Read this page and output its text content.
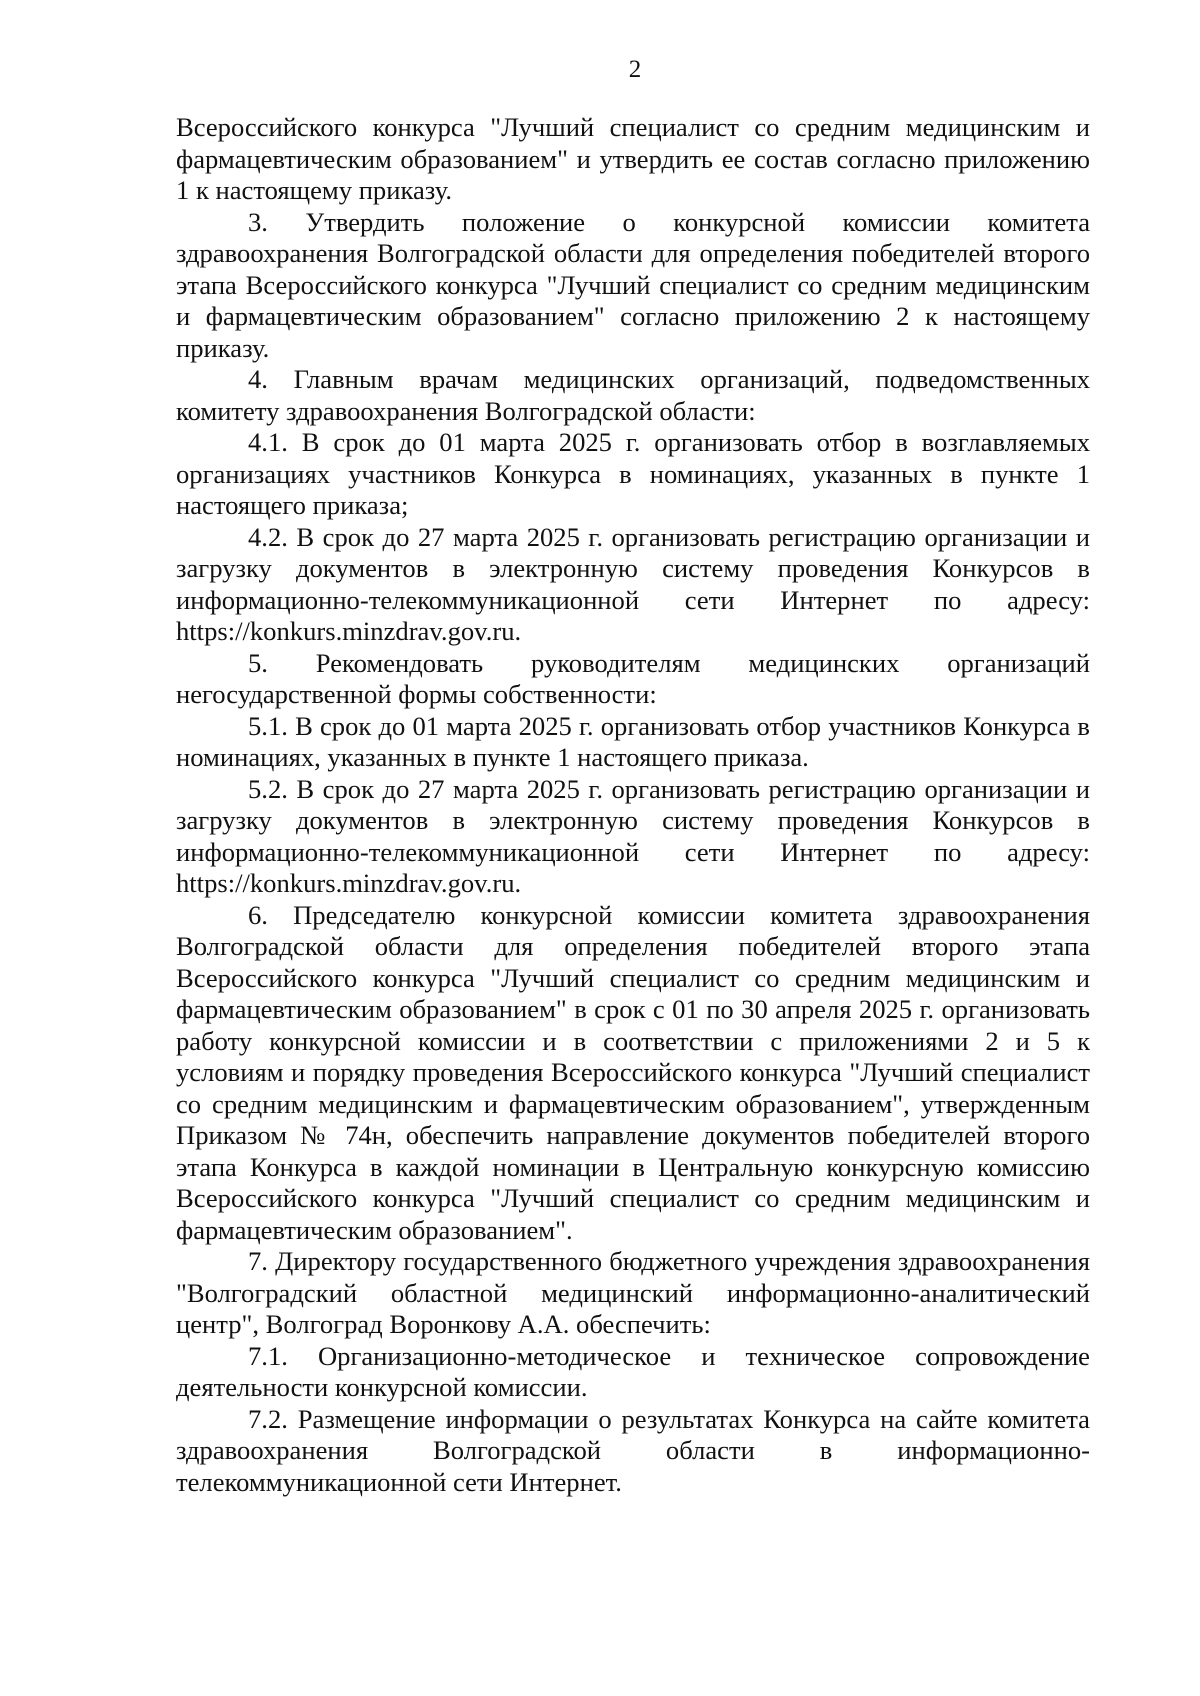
2

Всероссийского конкурса "Лучший специалист со средним медицинским и фармацевтическим образованием" и утвердить ее состав согласно приложению 1 к настоящему приказу.

3. Утвердить положение о конкурсной комиссии комитета здравоохранения Волгоградской области для определения победителей второго этапа Всероссийского конкурса "Лучший специалист со средним медицинским и фармацевтическим образованием" согласно приложению 2 к настоящему приказу.

4. Главным врачам медицинских организаций, подведомственных комитету здравоохранения Волгоградской области:

4.1. В срок до 01 марта 2025 г. организовать отбор в возглавляемых организациях участников Конкурса в номинациях, указанных в пункте 1 настоящего приказа;

4.2. В срок до 27 марта 2025 г. организовать регистрацию организации и загрузку документов в электронную систему проведения Конкурсов в информационно-телекоммуникационной сети Интернет по адресу: https://konkurs.minzdrav.gov.ru.

5. Рекомендовать руководителям медицинских организаций негосударственной формы собственности:

5.1. В срок до 01 марта 2025 г. организовать отбор участников Конкурса в номинациях, указанных в пункте 1 настоящего приказа.

5.2. В срок до 27 марта 2025 г. организовать регистрацию организации и загрузку документов в электронную систему проведения Конкурсов в информационно-телекоммуникационной сети Интернет по адресу: https://konkurs.minzdrav.gov.ru.

6. Председателю конкурсной комиссии комитета здравоохранения Волгоградской области для определения победителей второго этапа Всероссийского конкурса "Лучший специалист со средним медицинским и фармацевтическим образованием" в срок с 01 по 30 апреля 2025 г. организовать работу конкурсной комиссии и в соответствии с приложениями 2 и 5 к условиям и порядку проведения Всероссийского конкурса "Лучший специалист со средним медицинским и фармацевтическим образованием", утвержденным Приказом № 74н, обеспечить направление документов победителей второго этапа Конкурса в каждой номинации в Центральную конкурсную комиссию Всероссийского конкурса "Лучший специалист со средним медицинским и фармацевтическим образованием".

7. Директору государственного бюджетного учреждения здравоохранения "Волгоградский областной медицинский информационно-аналитический центр", Волгоград Воронкову А.А. обеспечить:

7.1. Организационно-методическое и техническое сопровождение деятельности конкурсной комиссии.

7.2. Размещение информации о результатах Конкурса на сайте комитета здравоохранения Волгоградской области в информационно-телекоммуникационной сети Интернет.
